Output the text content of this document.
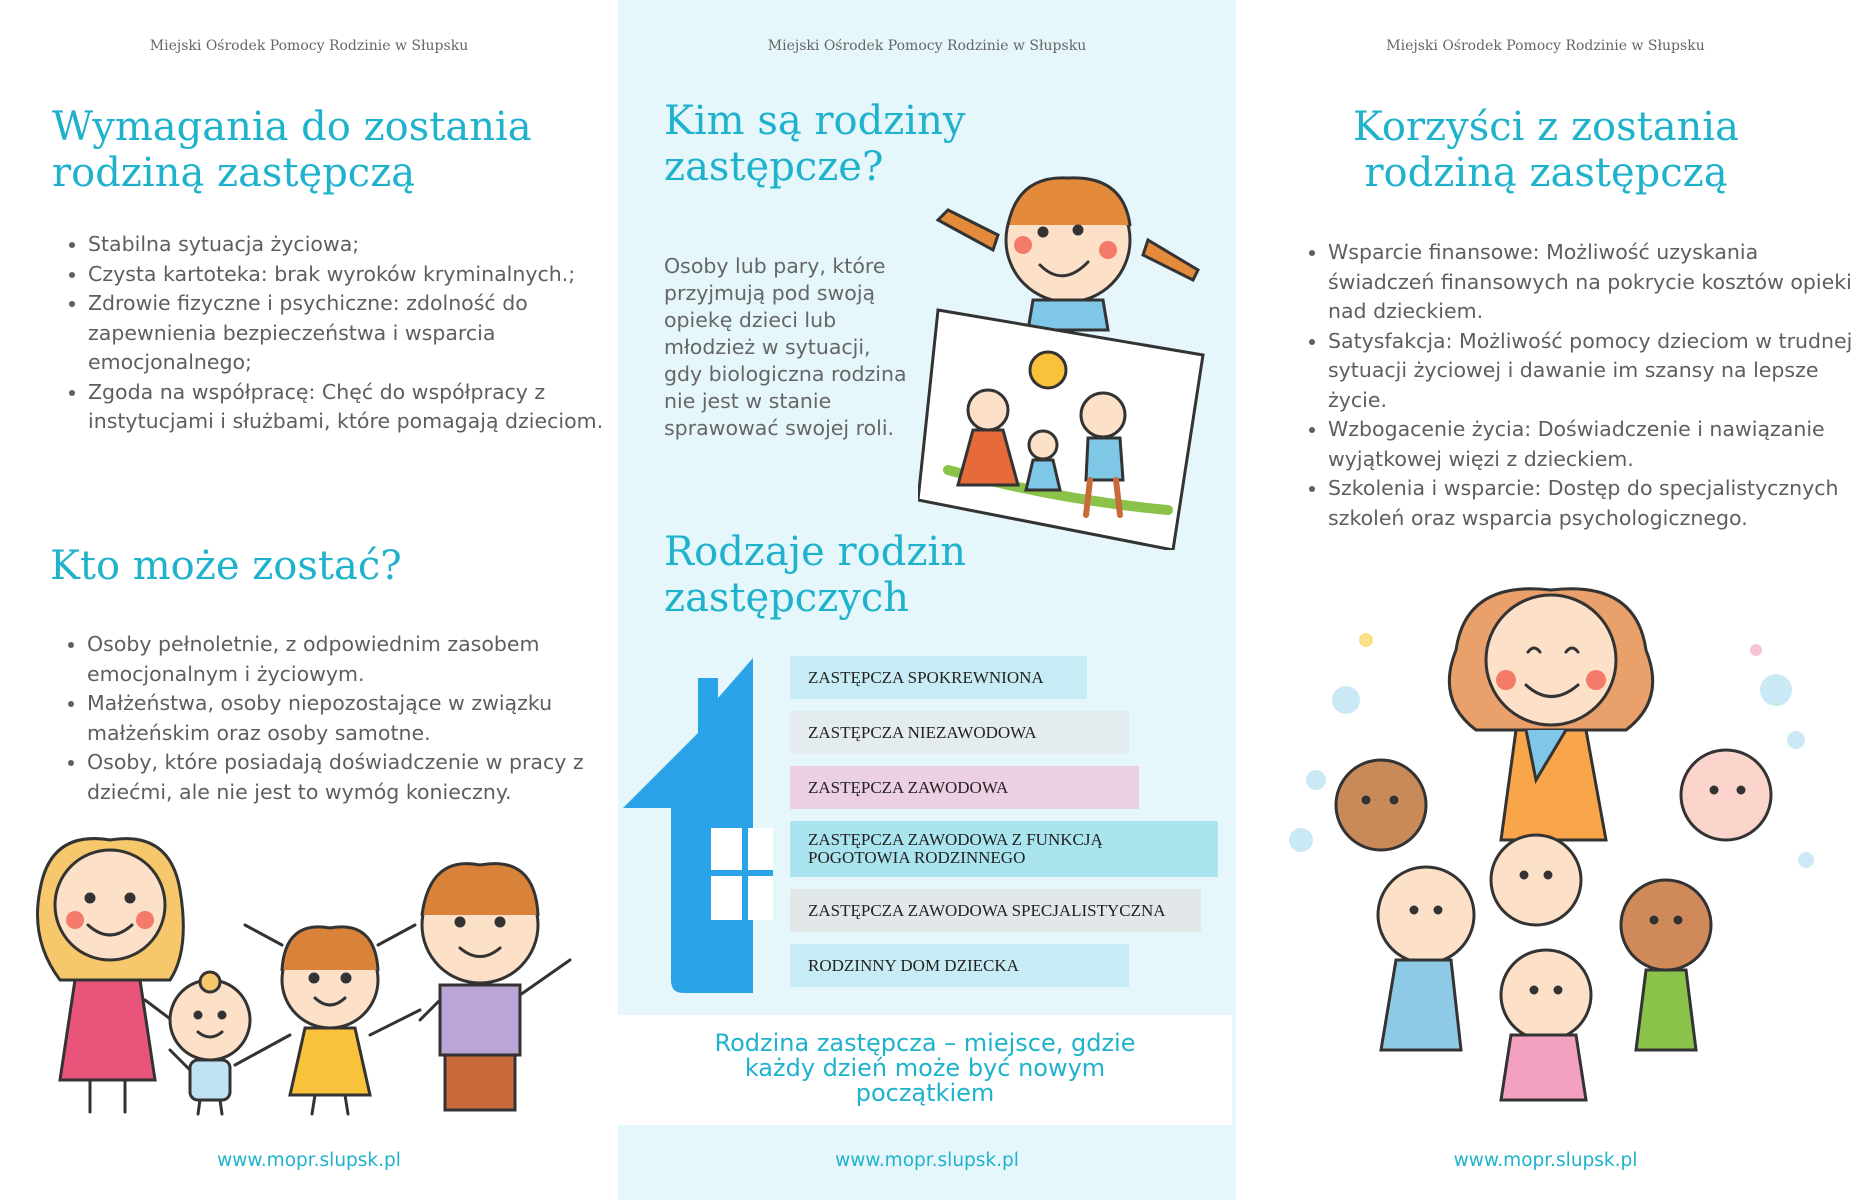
Miejski Ośrodek Pomocy Rodzinie w Słupsku
Wymagania do zostania rodziną zastępczą
• Stabilna sytuacja życiowa;
• Czysta kartoteka: brak wyroków kryminalnych.;
• Zdrowie fizyczne i psychiczne: zdolność do zapewnienia bezpieczeństwa i wsparcia emocjonalnego;
• Zgoda na współpracę: Chęć do współpracy z instytucjami i służbami, które pomagają dzieciom.
Kto może zostać?
• Osoby pełnoletnie, z odpowiednim zasobem emocjonalnym i życiowym.
• Małżeństwa, osoby niepozostające w związku małżeńskim oraz osoby samotne.
• Osoby, które posiadają doświadczenie w pracy z dziećmi, ale nie jest to wymóg konieczny.
www.mopr.slupsk.pl
Miejski Ośrodek Pomocy Rodzinie w Słupsku
Kim są rodziny zastępcze?

Osoby lub pary, które przyjmują pod swoją opiekę dzieci lub młodzież w sytuacji, gdy biologiczna rodzina nie jest w stanie sprawować swojej roli.

Rodzaje rodzin zastępczych
ZASTĘPCZA SPOKREWNIONA
ZASTĘPCZA NIEZAWODOWA
ZASTĘPCZA ZAWODOWA
ZASTĘPCZA ZAWODOWA Z FUNKCJĄ POGOTOWIA RODZINNEGO
ZASTĘPCZA ZAWODOWA SPECJALISTYCZNA
RODZINNY DOM DZIECKA
www.mopr.slupsk.pl
Rodzina zastępcza – miejsce, gdzie każdy dzień może być nowym początkiem
Miejski Ośrodek Pomocy Rodzinie w Słupsku
Korzyści z zostania rodziną zastępczą
• Wsparcie finansowe: Możliwość uzyskania świadczeń finansowych na pokrycie kosztów opieki nad dzieckiem.
• Satysfakcja: Możliwość pomocy dzieciom w trudnej sytuacji życiowej i dawanie im szansy na lepsze życie.
• Wzbogacenie życia: Doświadczenie i nawiązanie wyjątkowej więzi z dzieckiem.
• Szkolenia i wsparcie: Dostęp do specjalistycznych szkoleń oraz wsparcia psychologicznego.
www.mopr.slupsk.pl
